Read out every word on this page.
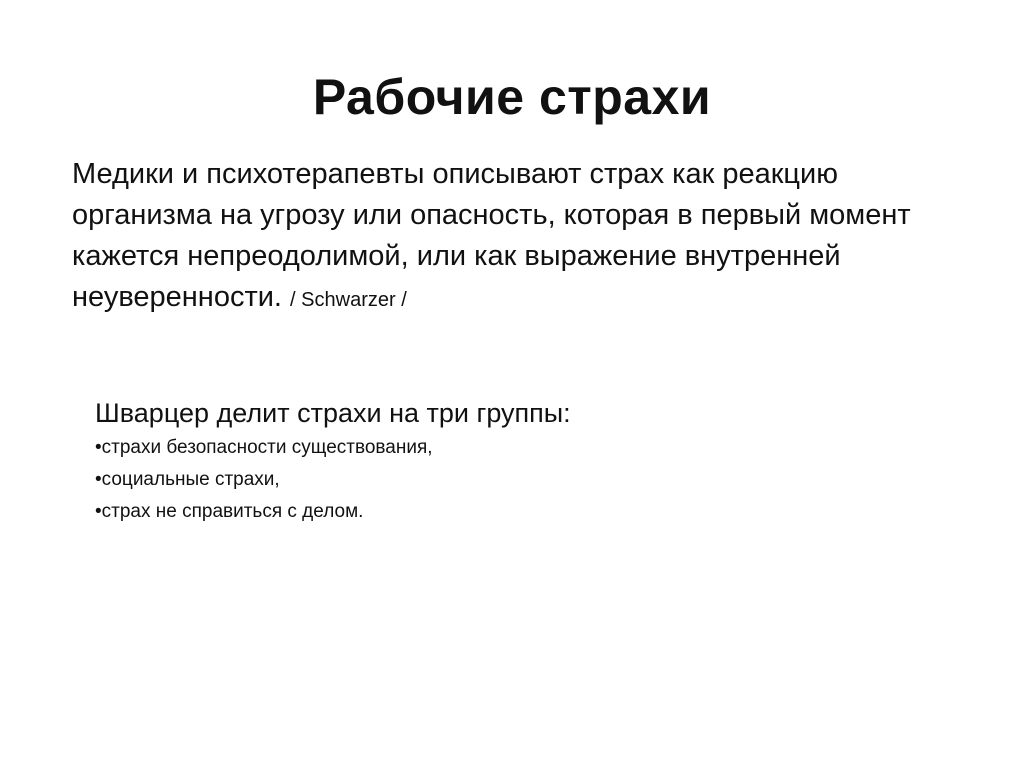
Рабочие страхи
Медики и психотерапевты описывают страх как реакцию организма на угрозу или опасность, которая в первый момент кажется непреодолимой, или как выражение внутренней неуверенности. / Schwarzer /
Шварцер делит страхи на три группы:
•страхи безопасности существования,
•социальные страхи,
•страх не справиться с делом.
